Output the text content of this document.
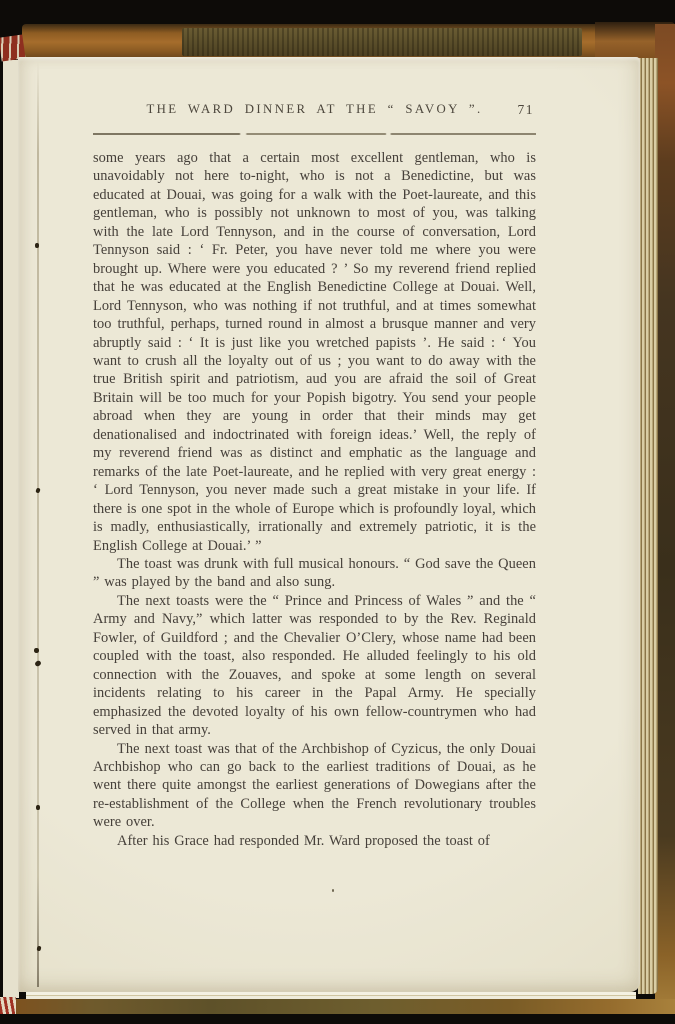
THE WARD DINNER AT THE “ SAVOY ”.	71

some years ago that a certain most excellent gentleman, who is unavoidably not here to-night, who is not a Benedictine, but was educated at Douai, was going for a walk with the Poet-laureate, and this gentleman, who is possibly not unknown to most of you, was talking with the late Lord Tennyson, and in the course of conversation, Lord Tennyson said : ‘ Fr. Peter, you have never told me where you were brought up. Where were you educated ? ’ So my reverend friend replied that he was educated at the English Benedictine College at Douai. Well, Lord Tennyson, who was nothing if not truthful, and at times somewhat too truthful, perhaps, turned round in almost a brusque manner and very abruptly said : ‘ It is just like you wretched papists ’. He said : ‘ You want to crush all the loyalty out of us ; you want to do away with the true British spirit and patriotism, aud you are afraid the soil of Great Britain will be too much for your Popish bigotry. You send your people abroad when they are young in order that their minds may get denationalised and indoctrinated with foreign ideas.’ Well, the reply of my reverend friend was as distinct and emphatic as the language and remarks of the late Poet-laureate, and he replied with very great energy : ‘ Lord Tennyson, you never made such a great mistake in your life. If there is one spot in the whole of Europe which is profoundly loyal, which is madly, enthusiastically, irrationally and extremely patriotic, it is the English College at Douai.’ ”

The toast was drunk with full musical honours. “ God save the Queen ” was played by the band and also sung.

The next toasts were the “ Prince and Princess of Wales ” and the “ Army and Navy,” which latter was responded to by the Rev. Reginald Fowler, of Guildford ; and the Chevalier O’Clery, whose name had been coupled with the toast, also responded. He alluded feelingly to his old connection with the Zouaves, and spoke at some length on several incidents relating to his career in the Papal Army. He specially emphasized the devoted loyalty of his own fellow-countrymen who had served in that army.

The next toast was that of the Archbishop of Cyzicus, the only Douai Archbishop who can go back to the earliest traditions of Douai, as he went there quite amongst the earliest generations of Dowegians after the re-establishment of the College when the French revolutionary troubles were over.

After his Grace had responded Mr. Ward proposed the toast of
